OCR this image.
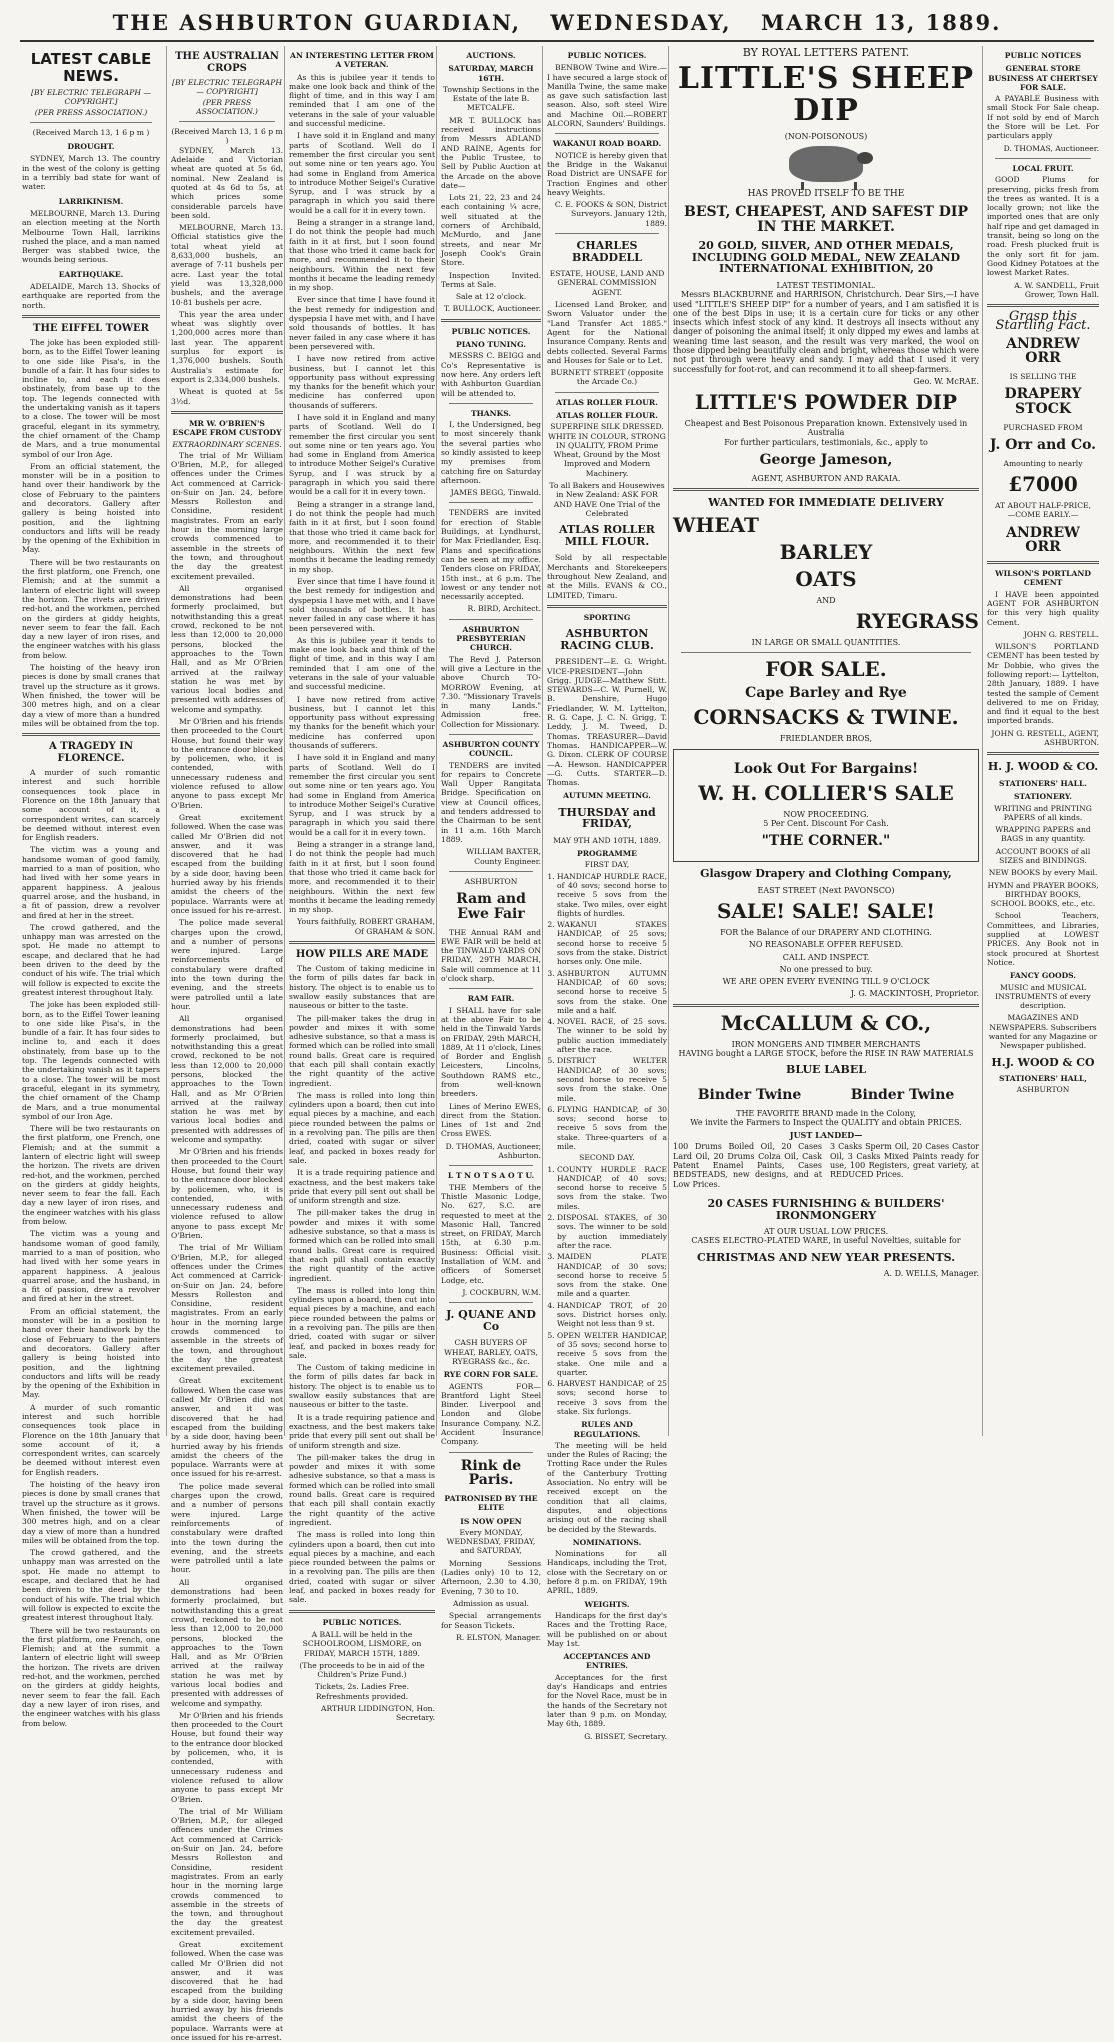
THE ASHBURTON GUARDIAN, WEDNESDAY, MARCH 13, 1889.
LATEST CABLE NEWS.
[BY ELECTRIC TELEGRAPH — COPYRIGHT.]
(PER PRESS ASSOCIATION.)
(Received March 13, 1 6 p m )
DROUGHT.

SYDNEY, March 13. The country in the west of the colony is getting in a terribly bad state for want of water.

LARRIKINISM.

MELBOURNE, March 13. During an election meeting at the North Melbourne Town Hall, larrikins rushed the place, and a man named Berger was stabbed twice, the wounds being serious.

EARTHQUAKE.

ADELAIDE, March 13. Shocks of earthquake are reported from the north.

THE EIFFEL TOWER

The joke has been exploded still-born, as to the Eiffel Tower leaning to one side like Pisa's, in the bundle of a fair. It has four sides to incline to, and each it does obstinately, from base up to the top. The legends connected with the undertaking vanish as it tapers to a close. The tower will be most graceful, elegant in its symmetry, the chief ornament of the Champ de Mars, and a true monumental symbol of our Iron Age.

From an official statement, the monster will be in a position to hand over their handiwork by the close of February to the painters and decorators. Gallery after gallery is being hoisted into position, and the lightning conductors and lifts will be ready by the opening of the Exhibition in May.

There will be two restaurants on the first platform, one French, one Flemish; and at the summit a lantern of electric light will sweep the horizon. The rivets are driven red-hot, and the workmen, perched on the girders at giddy heights, never seem to fear the fall. Each day a new layer of iron rises, and the engineer watches with his glass from below.

The hoisting of the heavy iron pieces is done by small cranes that travel up the structure as it grows. When finished, the tower will be 300 metres high, and on a clear day a view of more than a hundred miles will be obtained from the top.

A TRAGEDY IN FLORENCE.

A murder of such romantic interest and such horrible consequences took place in Florence on the 18th January that some account of it, a correspondent writes, can scarcely be deemed without interest even for English readers.

The victim was a young and handsome woman of good family, married to a man of position, who had lived with her some years in apparent happiness. A jealous quarrel arose, and the husband, in a fit of passion, drew a revolver and fired at her in the street.

The crowd gathered, and the unhappy man was arrested on the spot. He made no attempt to escape, and declared that he had been driven to the deed by the conduct of his wife. The trial which will follow is expected to excite the greatest interest throughout Italy.

The joke has been exploded still-born, as to the Eiffel Tower leaning to one side like Pisa's, in the bundle of a fair. It has four sides to incline to, and each it does obstinately, from base up to the top. The legends connected with the undertaking vanish as it tapers to a close. The tower will be most graceful, elegant in its symmetry, the chief ornament of the Champ de Mars, and a true monumental symbol of our Iron Age.

There will be two restaurants on the first platform, one French, one Flemish; and at the summit a lantern of electric light will sweep the horizon. The rivets are driven red-hot, and the workmen, perched on the girders at giddy heights, never seem to fear the fall. Each day a new layer of iron rises, and the engineer watches with his glass from below.

The victim was a young and handsome woman of good family, married to a man of position, who had lived with her some years in apparent happiness. A jealous quarrel arose, and the husband, in a fit of passion, drew a revolver and fired at her in the street.

From an official statement, the monster will be in a position to hand over their handiwork by the close of February to the painters and decorators. Gallery after gallery is being hoisted into position, and the lightning conductors and lifts will be ready by the opening of the Exhibition in May.

A murder of such romantic interest and such horrible consequences took place in Florence on the 18th January that some account of it, a correspondent writes, can scarcely be deemed without interest even for English readers.

The hoisting of the heavy iron pieces is done by small cranes that travel up the structure as it grows. When finished, the tower will be 300 metres high, and on a clear day a view of more than a hundred miles will be obtained from the top.

The crowd gathered, and the unhappy man was arrested on the spot. He made no attempt to escape, and declared that he had been driven to the deed by the conduct of his wife. The trial which will follow is expected to excite the greatest interest throughout Italy.

There will be two restaurants on the first platform, one French, one Flemish; and at the summit a lantern of electric light will sweep the horizon. The rivets are driven red-hot, and the workmen, perched on the girders at giddy heights, never seem to fear the fall. Each day a new layer of iron rises, and the engineer watches with his glass from below.

THE AUSTRALIAN CROPS
[BY ELECTRIC TELEGRAPH — COPYRIGHT]
(PER PRESS ASSOCIATION.)
(Received March 13, 1 6 p m )

SYDNEY, March 13. Adelaide and Victorian wheat are quoted at 5s 6d, nominal. New Zealand is quoted at 4s 6d to 5s, at which prices some considerable parcels have been sold.

MELBOURNE, March 13. Official statistics give the total wheat yield at 8,633,000 bushels, an average of 7·11 bushels per acre. Last year the total yield was 13,328,000 bushels, and the average 10·81 bushels per acre.

This year the area under wheat was slightly over 1,200,000 acres more than last year. The apparent surplus for export is 1,376,000 bushels. South Australia's estimate for export is 2,334,000 bushels.

Wheat is quoted at 5s 3½d.

MR W. O'BRIEN'S ESCAPE FROM CUSTODY
EXTRAORDINARY SCENES.

The trial of Mr William O'Brien, M.P., for alleged offences under the Crimes Act commenced at Carrick-on-Suir on Jan. 24, before Messrs Rolleston and Considine, resident magistrates. From an early hour in the morning large crowds commenced to assemble in the streets of the town, and throughout the day the greatest excitement prevailed.

All organised demonstrations had been formerly proclaimed, but notwithstanding this a great crowd, reckoned to be not less than 12,000 to 20,000 persons, blocked the approaches to the Town Hall, and as Mr O'Brien arrived at the railway station he was met by various local bodies and presented with addresses of welcome and sympathy.

Mr O'Brien and his friends then proceeded to the Court House, but found their way to the entrance door blocked by policemen, who, it is contended, with unnecessary rudeness and violence refused to allow anyone to pass except Mr O'Brien.

Great excitement followed. When the case was called Mr O'Brien did not answer, and it was discovered that he had escaped from the building by a side door, having been hurried away by his friends amidst the cheers of the populace. Warrants were at once issued for his re-arrest.

The police made several charges upon the crowd, and a number of persons were injured. Large reinforcements of constabulary were drafted into the town during the evening, and the streets were patrolled until a late hour.

All organised demonstrations had been formerly proclaimed, but notwithstanding this a great crowd, reckoned to be not less than 12,000 to 20,000 persons, blocked the approaches to the Town Hall, and as Mr O'Brien arrived at the railway station he was met by various local bodies and presented with addresses of welcome and sympathy.

Mr O'Brien and his friends then proceeded to the Court House, but found their way to the entrance door blocked by policemen, who, it is contended, with unnecessary rudeness and violence refused to allow anyone to pass except Mr O'Brien.

The trial of Mr William O'Brien, M.P., for alleged offences under the Crimes Act commenced at Carrick-on-Suir on Jan. 24, before Messrs Rolleston and Considine, resident magistrates. From an early hour in the morning large crowds commenced to assemble in the streets of the town, and throughout the day the greatest excitement prevailed.

Great excitement followed. When the case was called Mr O'Brien did not answer, and it was discovered that he had escaped from the building by a side door, having been hurried away by his friends amidst the cheers of the populace. Warrants were at once issued for his re-arrest.

The police made several charges upon the crowd, and a number of persons were injured. Large reinforcements of constabulary were drafted into the town during the evening, and the streets were patrolled until a late hour.

All organised demonstrations had been formerly proclaimed, but notwithstanding this a great crowd, reckoned to be not less than 12,000 to 20,000 persons, blocked the approaches to the Town Hall, and as Mr O'Brien arrived at the railway station he was met by various local bodies and presented with addresses of welcome and sympathy.

Mr O'Brien and his friends then proceeded to the Court House, but found their way to the entrance door blocked by policemen, who, it is contended, with unnecessary rudeness and violence refused to allow anyone to pass except Mr O'Brien.

The trial of Mr William O'Brien, M.P., for alleged offences under the Crimes Act commenced at Carrick-on-Suir on Jan. 24, before Messrs Rolleston and Considine, resident magistrates. From an early hour in the morning large crowds commenced to assemble in the streets of the town, and throughout the day the greatest excitement prevailed.

Great excitement followed. When the case was called Mr O'Brien did not answer, and it was discovered that he had escaped from the building by a side door, having been hurried away by his friends amidst the cheers of the populace. Warrants were at once issued for his re-arrest.

AN INTERESTING LETTER FROM A VETERAN.

As this is jubilee year it tends to make one look back and think of the flight of time, and in this way I am reminded that I am one of the veterans in the sale of your valuable and successful medicine.

I have sold it in England and many parts of Scotland. Well do I remember the first circular you sent out some nine or ten years ago. You had some in England from America to introduce Mother Seigel's Curative Syrup, and I was struck by a paragraph in which you said there would be a call for it in every town.

Being a stranger in a strange land, I do not think the people had much faith in it at first, but I soon found that those who tried it came back for more, and recommended it to their neighbours. Within the next few months it became the leading remedy in my shop.

Ever since that time I have found it the best remedy for indigestion and dyspepsia I have met with, and I have sold thousands of bottles. It has never failed in any case where it has been persevered with.

I have now retired from active business, but I cannot let this opportunity pass without expressing my thanks for the benefit which your medicine has conferred upon thousands of sufferers.

I have sold it in England and many parts of Scotland. Well do I remember the first circular you sent out some nine or ten years ago. You had some in England from America to introduce Mother Seigel's Curative Syrup, and I was struck by a paragraph in which you said there would be a call for it in every town.

Being a stranger in a strange land, I do not think the people had much faith in it at first, but I soon found that those who tried it came back for more, and recommended it to their neighbours. Within the next few months it became the leading remedy in my shop.

Ever since that time I have found it the best remedy for indigestion and dyspepsia I have met with, and I have sold thousands of bottles. It has never failed in any case where it has been persevered with.

As this is jubilee year it tends to make one look back and think of the flight of time, and in this way I am reminded that I am one of the veterans in the sale of your valuable and successful medicine.

I have now retired from active business, but I cannot let this opportunity pass without expressing my thanks for the benefit which your medicine has conferred upon thousands of sufferers.

I have sold it in England and many parts of Scotland. Well do I remember the first circular you sent out some nine or ten years ago. You had some in England from America to introduce Mother Seigel's Curative Syrup, and I was struck by a paragraph in which you said there would be a call for it in every town.

Being a stranger in a strange land, I do not think the people had much faith in it at first, but I soon found that those who tried it came back for more, and recommended it to their neighbours. Within the next few months it became the leading remedy in my shop.

Yours faithfully, ROBERT GRAHAM, Of GRAHAM & SON.

HOW PILLS ARE MADE

The Custom of taking medicine in the form of pills dates far back in history. The object is to enable us to swallow easily substances that are nauseous or bitter to the taste.

The pill-maker takes the drug in powder and mixes it with some adhesive substance, so that a mass is formed which can be rolled into small round balls. Great care is required that each pill shall contain exactly the right quantity of the active ingredient.

The mass is rolled into long thin cylinders upon a board, then cut into equal pieces by a machine, and each piece rounded between the palms or in a revolving pan. The pills are then dried, coated with sugar or silver leaf, and packed in boxes ready for sale.

It is a trade requiring patience and exactness, and the best makers take pride that every pill sent out shall be of uniform strength and size.

The pill-maker takes the drug in powder and mixes it with some adhesive substance, so that a mass is formed which can be rolled into small round balls. Great care is required that each pill shall contain exactly the right quantity of the active ingredient.

The mass is rolled into long thin cylinders upon a board, then cut into equal pieces by a machine, and each piece rounded between the palms or in a revolving pan. The pills are then dried, coated with sugar or silver leaf, and packed in boxes ready for sale.

The Custom of taking medicine in the form of pills dates far back in history. The object is to enable us to swallow easily substances that are nauseous or bitter to the taste.

It is a trade requiring patience and exactness, and the best makers take pride that every pill sent out shall be of uniform strength and size.

The pill-maker takes the drug in powder and mixes it with some adhesive substance, so that a mass is formed which can be rolled into small round balls. Great care is required that each pill shall contain exactly the right quantity of the active ingredient.

The mass is rolled into long thin cylinders upon a board, then cut into equal pieces by a machine, and each piece rounded between the palms or in a revolving pan. The pills are then dried, coated with sugar or silver leaf, and packed in boxes ready for sale.

PUBLIC NOTICES.

A BALL will be held in the SCHOOLROOM, LISMORE, on FRIDAY, MARCH 15TH, 1889.

(The proceeds to be in aid of the Children's Prize Fund.)

Tickets, 2s. Ladies Free. Refreshments provided.

ARTHUR LIDDINGTON, Hon. Secretary.

AUCTIONS.
SATURDAY, MARCH 16TH.

Township Sections in the Estate of the late B. METCALFE.

MR T. BULLOCK has received instructions from Messrs ADLAND AND RAINE, Agents for the Public Trustee, to Sell by Public Auction at the Arcade on the above date—

Lots 21, 22, 23 and 24 each containing ¼ acre, well situated at the corners of Archibald, McMurdo, and Jane streets, and near Mr Joseph Cook's Grain Store.

Inspection Invited. Terms at Sale.

Sale at 12 o'clock.

T. BULLOCK, Auctioneer.

PUBLIC NOTICES.
PIANO TUNING.

MESSRS C. BEIGG and Co's Representative is now here. Any orders left with Ashburton Guardian will be attended to.

THANKS.

I, the Undersigned, beg to most sincerely thank the several parties who so kindly assisted to keep my premises from catching fire on Saturday afternoon.

JAMES BEGG, Tinwald.

TENDERS are invited for erection of Stable Buildings, at Lyndhurst, for Max Friedlander, Esq. Plans and specifications can be seen at my office. Tenders close on FRIDAY, 15th inst., at 6 p.m. The lowest or any tender not necessarily accepted.

R. BIRD, Architect.

ASHBURTON PRESBYTERIAN CHURCH.

The Revd J. Paterson will give a Lecture in the above Church TO-MORROW Evening, at 7.30. "Missionary Travels in many Lands." Admission free. Collection for Missionary.

ASHBURTON COUNTY COUNCIL.

TENDERS are invited for repairs to Concrete Wall Upper Rangitata Bridge. Specification on view at Council offices, and tenders addressed to the Chairman to be sent in 11 a.m. 16th March 1889.

WILLIAM BAXTER, County Engineer.

ASHBURTON
Ram and Ewe Fair

THE Annual RAM and EWE FAIR will be held at the TINWALD YARDS ON FRIDAY, 29TH MARCH, Sale will commence at 11 o'clock sharp.

RAM FAIR.

I SHALL have for sale at the above Fair to be held in the Tinwald Yards on FRIDAY, 29th MARCH, 1889, At 11 o'clock, Lines of Border and English Leicesters, Lincolns, Southdown RAMS etc., from well-known breeders.

Lines of Merino EWES, direct from the Station. Lines of 1st and 2nd Cross EWES.

D. THOMAS, Auctioneer, Ashburton.

L T N O T S A O T U.

THE Members of the Thistle Masonic Lodge, No. 627, S.C. are requested to meet at the Masonic Hall, Tancred street, on FRIDAY, March 15th, at 6.30 p.m. Business: Official visit. Installation of W.M. and officers of Somerset Lodge, etc.

J. COCKBURN, W.M.

J. QUANE AND Co

CASH BUYERS OF WHEAT, BARLEY, OATS, RYEGRASS &c., &c.

RYE CORN FOR SALE.

AGENTS FOR— Brantford Light Steel Binder. Liverpool and London and Globe Insurance Company. N.Z. Accident Insurance Company.

Rink de Paris.
PATRONISED BY THE ELITE
IS NOW OPEN

Every MONDAY, WEDNESDAY, FRIDAY, and SATURDAY,

Morning Sessions (Ladies only) 10 to 12, Afternoon, 2.30 to 4.30, Evening, 7 30 to 10.

Admission as usual.

Special arrangements for Season Tickets.

R. ELSTON, Manager.

PUBLIC NOTICES.

BENBOW Twine and Wire.—I have secured a large stock of Manilla Twine, the same make as gave such satisfaction last season. Also, soft steel Wire and Machine Oil.—ROBERT ALCORN, Saunders' Buildings.

WAKANUI ROAD BOARD.

NOTICE is hereby given that the Bridge in the Wakanui Road District are UNSAFE for Traction Engines and other heavy Weights.

C. E. FOOKS & SON, District Surveyors. January 12th, 1889.

CHARLES BRADDELL

ESTATE, HOUSE, LAND AND GENERAL COMMISSION AGENT.

Licensed Land Broker, and Sworn Valuator under the "Land Transfer Act 1885." Agent for the National Insurance Company. Rents and debts collected. Several Farms and Houses for Sale or to Let.

BURNETT STREET (opposite the Arcade Co.)

ATLAS ROLLER FLOUR.
ATLAS ROLLER FLOUR.

SUPERFINE SILK DRESSED. WHITE IN COLOUR, STRONG IN QUALITY, FROM Prime Wheat, Ground by the Most Improved and Modern Machinery.

To all Bakers and Housewives in New Zealand: ASK FOR AND HAVE One Trial of the Celebrated

ATLAS ROLLER MILL FLOUR.

Sold by all respectable Merchants and Storekeepers throughout New Zealand, and at the Mills. EVANS & CO., LIMITED, Timaru.

SPORTING
ASHBURTON RACING CLUB.

PRESIDENT—E. G. Wright. VICE-PRESIDENT—John Grigg. JUDGE—Matthew Stitt. STEWARDS—C. W. Purnell, W. B. Denshire, Hugo Friedlander, W. M. Lyttelton, R. G. Cape, J. C. N. Grigg, T. Leddy, J. M. Tweed, D. Thomas. TREASURER—David Thomas. HANDICAPPER—W. G. Dixon. CLERK OF COURSE—A. Hewson. HANDICAPPER—G. Cutts. STARTER—D. Thomas.

AUTUMN MEETING.
THURSDAY and FRIDAY,

MAY 9TH AND 10TH, 1889.

PROGRAMME
FIRST DAY,
1. HANDICAP HURDLE RACE, of 40 sovs; second horse to receive 5 sovs from the stake. Two miles, over eight flights of hurdles.
2. WAKANUI STAKES HANDICAP, of 25 sovs; second horse to receive 5 sovs from the stake. District horses only. One mile.
3. ASHBURTON AUTUMN HANDICAP, of 60 sovs; second horse to receive 5 sovs from the stake. One mile and a half.
4. NOVEL RACE, of 25 sovs. The winner to be sold by public auction immediately after the race.
5. DISTRICT WELTER HANDICAP, of 30 sovs; second horse to receive 5 sovs from the stake. One mile.
6. FLYING HANDICAP, of 30 sovs; second horse to receive 5 sovs from the stake. Three-quarters of a mile.
SECOND DAY.
1. COUNTY HURDLE RACE HANDICAP, of 40 sovs; second horse to receive 5 sovs from the stake. Two miles.
2. DISPOSAL STAKES, of 30 sovs. The winner to be sold by auction immediately after the race.
3. MAIDEN PLATE HANDICAP, of 30 sovs; second horse to receive 5 sovs from the stake. One mile and a quarter.
4. HANDICAP TROT, of 20 sovs. District horses only. Weight not less than 9 st.
5. OPEN WELTER HANDICAP, of 35 sovs; second horse to receive 5 sovs from the stake. One mile and a quarter.
6. HARVEST HANDICAP, of 25 sovs; second horse to receive 3 sovs from the stake. Six furlongs.
RULES AND REGULATIONS.

The meeting will be held under the Rules of Racing; the Trotting Race under the Rules of the Canterbury Trotting Association. No entry will be received except on the condition that all claims, disputes, and objections arising out of the racing shall be decided by the Stewards.

NOMINATIONS.

Nominations for all Handicaps, including the Trot, close with the Secretary on or before 8 p.m. on FRIDAY, 19th APRIL, 1889.

WEIGHTS.

Handicaps for the first day's Races and the Trotting Race, will be published on or about May 1st.

ACCEPTANCES AND ENTRIES.

Acceptances for the first day's Handicaps and entries for the Novel Race, must be in the hands of the Secretary not later than 9 p.m. on Monday, May 6th, 1889.

G. BISSET, Secretary.

BY ROYAL LETTERS PATENT.
LITTLE'S SHEEP DIP
(NON-POISONOUS)
HAS PROVED ITSELF TO BE THE
BEST, CHEAPEST, AND SAFEST DIP IN THE MARKET.
20 GOLD, SILVER, AND OTHER MEDALS, INCLUDING GOLD MEDAL, NEW ZEALAND INTERNATIONAL EXHIBITION, 20
LATEST TESTIMONIAL.

Messrs BLACKBURNE and HARRISON, Christchurch. Dear Sirs,—I have used "LITTLE'S SHEEP DIP" for a number of years, and I am satisfied it is one of the best Dips in use; it is a certain cure for ticks or any other insects which infest stock of any kind. It destroys all insects without any danger of poisoning the animal itself; it only dipped my ewes and lambs at weaning time last season, and the result was very marked, the wool on those dipped being beautifully clean and bright, whereas those which were not put through were heavy and sandy. I may add that I used it very successfully for foot-rot, and can recommend it to all sheep-farmers.

Geo. W. McRAE.

LITTLE'S POWDER DIP
Cheapest and Best Poisonous Preparation known. Extensively used in Australia
For further particulars, testimonials, &c., apply to
George Jameson,
AGENT, ASHBURTON AND RAKAIA.
WANTED FOR IMMEDIATE DELIVERY
WHEAT
BARLEY
OATS
AND
RYEGRASS
IN LARGE OR SMALL QUANTITIES.
FOR SALE.
Cape Barley and Rye
CORNSACKS & TWINE.
FRIEDLANDER BROS,
Look Out For Bargains!
W. H. COLLIER'S SALE
NOW PROCEEDING.
5 Per Cent. Discount For Cash.
"THE CORNER."
Glasgow Drapery and Clothing Company,
EAST STREET (Next PAVONSCO)
SALE! SALE! SALE!

FOR the Balance of our DRAPERY AND CLOTHING.

NO REASONABLE OFFER REFUSED.

CALL AND INSPECT.

No one pressed to buy.

WE ARE OPEN EVERY EVENING TILL 9 O'CLOCK

J. G. MACKINTOSH, Proprietor.

McCALLUM & CO.,
IRON MONGERS AND TIMBER MERCHANTS
HAVING bought a LARGE STOCK, before the RISE IN RAW MATERIALS
BLUE LABEL
Binder Twine	Binder Twine
THE FAVORITE BRAND made in the Colony,
We invite the Farmers to Inspect the QUALITY and obtain PRICES.
JUST LANDED—

100 Drums Boiled Oil, 20 Cases Lard Oil, 20 Drums Colza Oil, Cask Patent Enamel Paints, Cases BEDSTEADS, new designs, and at Low Prices.

3 Casks Sperm Oil, 20 Cases Castor Oil, 3 Casks Mixed Paints ready for use, 100 Registers, great variety, at REDUCED Prices.

20 CASES FURNISHING & BUILDERS' IRONMONGERY
AT OUR USUAL LOW PRICES.
CASES ELECTRO-PLATED WARE, in useful Novelties, suitable for
CHRISTMAS AND NEW YEAR PRESENTS.

A. D. WELLS, Manager.

PUBLIC NOTICES
GENERAL STORE BUSINESS AT CHERTSEY FOR SALE.

A PAYABLE Business with small Stock For Sale cheap. If not sold by end of March the Store will be Let. For particulars apply

D. THOMAS, Auctioneer.

LOCAL FRUIT.

GOOD Plums for preserving, picks fresh from the trees as wanted. It is a locally grown; not like the imported ones that are only half ripe and get damaged in transit, being so long on the road. Fresh plucked fruit is the only sort fit for jam. Good Kidney Potatoes at the lowest Market Rates.

A. W. SANDELL, Fruit Grower, Town Hall.

Grasp this Startling Fact.
ANDREW ORR
IS SELLING THE
DRAPERY STOCK
PURCHASED FROM
J. Orr and Co.
Amounting to nearly
£7000
AT ABOUT HALF-PRICE,
—COME EARLY.—
ANDREW ORR
WILSON'S PORTLAND CEMENT

I HAVE been appointed AGENT FOR ASHBURTON for this very high quality Cement.

JOHN G. RESTELL.

WILSON'S PORTLAND CEMENT has been tested by Mr Dobbie, who gives the following report:— Lyttelton, 28th January, 1889. I have tested the sample of Cement delivered to me on Friday, and find it equal to the best imported brands.

JOHN G. RESTELL, AGENT, ASHBURTON.

H. J. WOOD & CO.
STATIONERS' HALL.
STATIONERY.

WRITING and PRINTING PAPERS of all kinds.

WRAPPING PAPERS and BAGS in any quantity.

ACCOUNT BOOKS of all SIZES and BINDINGS.

NEW BOOKS by every Mail.

HYMN and PRAYER BOOKS, BIRTHDAY BOOKS, SCHOOL BOOKS, etc., etc.

School Teachers, Committees, and Libraries, supplied at LOWEST PRICES. Any Book not in stock procured at Shortest Notice.

FANCY GOODS.

MUSIC and MUSICAL INSTRUMENTS of every description.

MAGAZINES AND NEWSPAPERS. Subscribers wanted for any Magazine or Newspaper published.

H.J. WOOD & CO
STATIONERS' HALL,
ASHBURTON
